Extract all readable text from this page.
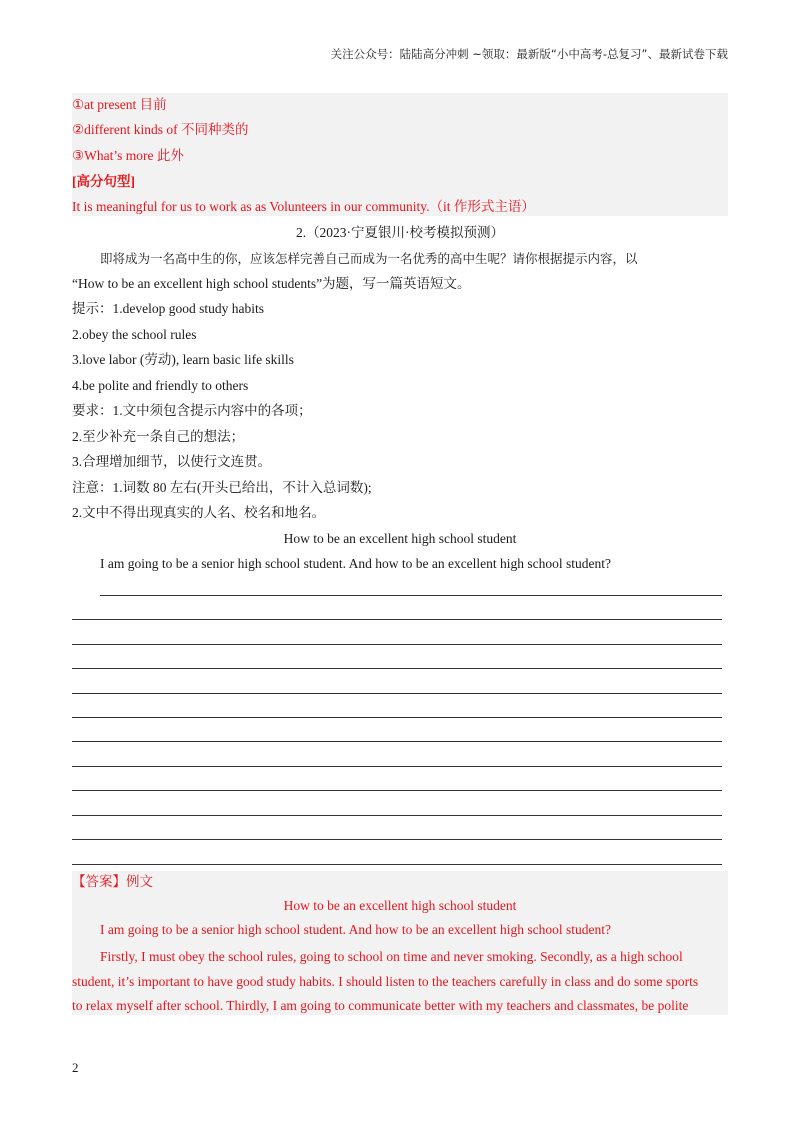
关注公众号：陆陆高分冲刺 ~领取：最新版“小中高考-总复习”、最新试卷下载
①at present 目前
②different kinds of 不同种类的
③What’s more 此外
[高分句型]
It is meaningful for us to work as as Volunteers in our community.（it 作形式主语）
2.（2023·宁夏银川·校考模拟预测）
即将成为一名高中生的你，应该怎样完善自己而成为一名优秀的高中生呢？请你根据提示内容，以
“How to be an excellent high school students”为题，写一篇英语短文。
提示：1.develop good study habits
2.obey the school rules
3.love labor (劳动), learn basic life skills
4.be polite and friendly to others
要求：1.文中须包含提示内容中的各项；
2.至少补充一条自己的想法；
3.合理增加细节，以使行文连贯。
注意：1.词数 80 左右(开头已给出，不计入总词数);
2.文中不得出现真实的人名、校名和地名。
How to be an excellent high school student
I am going to be a senior high school student. And how to be an excellent high school student?
【答案】例文
How to be an excellent high school student
I am going to be a senior high school student. And how to be an excellent high school student?
Firstly, I must obey the school rules, going to school on time and never smoking. Secondly, as a high school
student, it’s important to have good study habits. I should listen to the teachers carefully in class and do some sports
to relax myself after school. Thirdly, I am going to communicate better with my teachers and classmates, be polite
2
